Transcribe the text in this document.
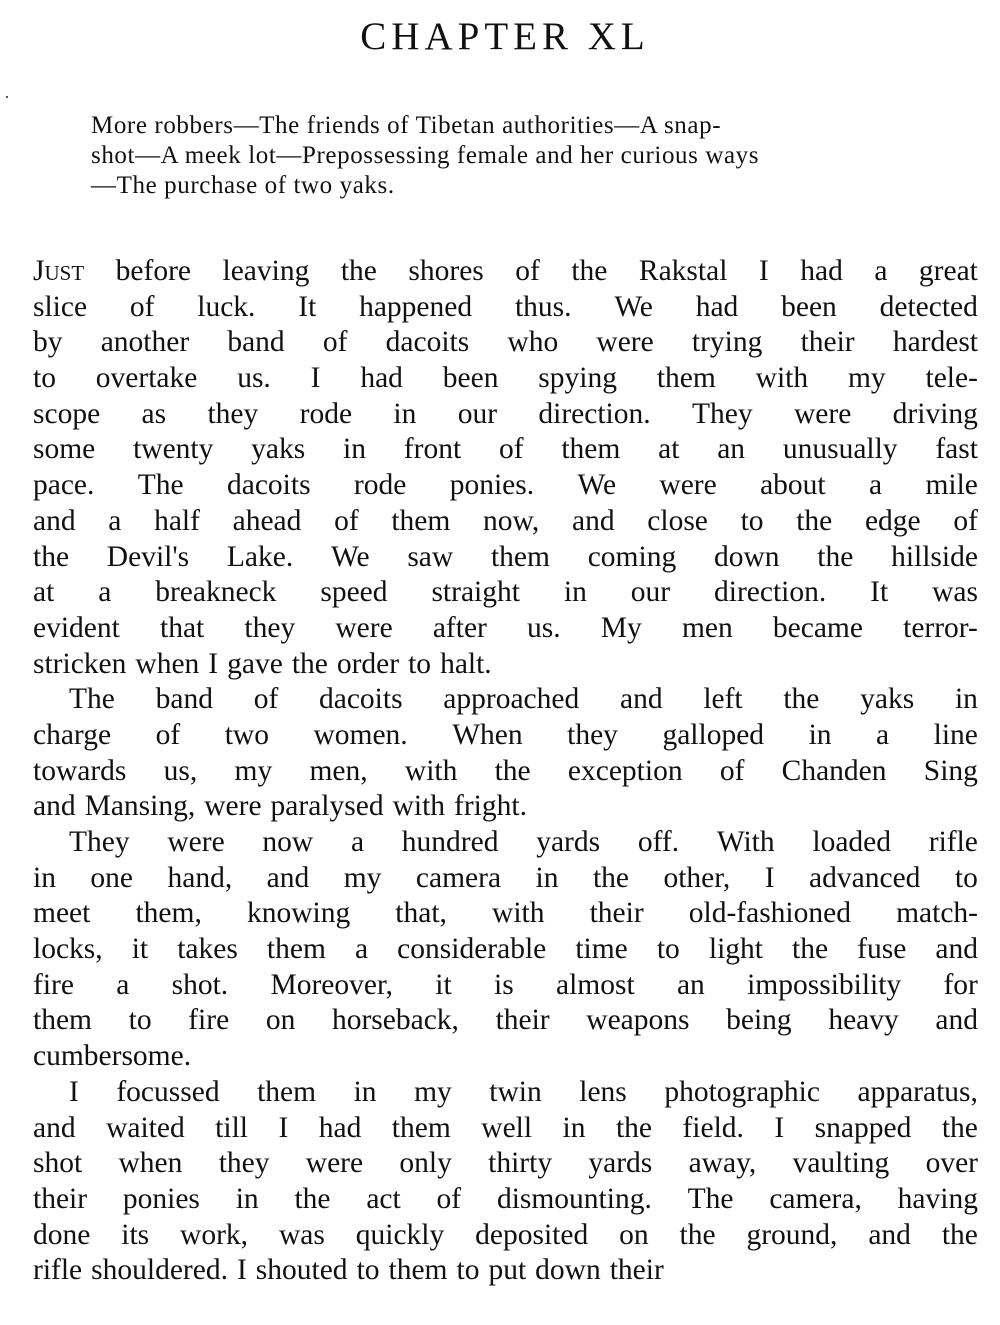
CHAPTER XL
More robbers—The friends of Tibetan authorities—A snap-
shot—A meek lot—Prepossessing female and her curious ways
—The purchase of two yaks.
Just before leaving the shores of the Rakstal I had a great
slice of luck. It happened thus. We had been detected
by another band of dacoits who were trying their hardest
to overtake us. I had been spying them with my tele-
scope as they rode in our direction. They were driving
some twenty yaks in front of them at an unusually fast
pace. The dacoits rode ponies. We were about a mile
and a half ahead of them now, and close to the edge of
the Devil's Lake. We saw them coming down the hillside
at a breakneck speed straight in our direction. It was
evident that they were after us. My men became terror-
stricken when I gave the order to halt.
The band of dacoits approached and left the yaks in
charge of two women. When they galloped in a line
towards us, my men, with the exception of Chanden Sing
and Mansing, were paralysed with fright.
They were now a hundred yards off. With loaded rifle
in one hand, and my camera in the other, I advanced to
meet them, knowing that, with their old-fashioned match-
locks, it takes them a considerable time to light the fuse and
fire a shot. Moreover, it is almost an impossibility for
them to fire on horseback, their weapons being heavy and
cumbersome.
I focussed them in my twin lens photographic apparatus,
and waited till I had them well in the field. I snapped the
shot when they were only thirty yards away, vaulting over
their ponies in the act of dismounting. The camera, having
done its work, was quickly deposited on the ground, and the
rifle shouldered. I shouted to them to put down their
